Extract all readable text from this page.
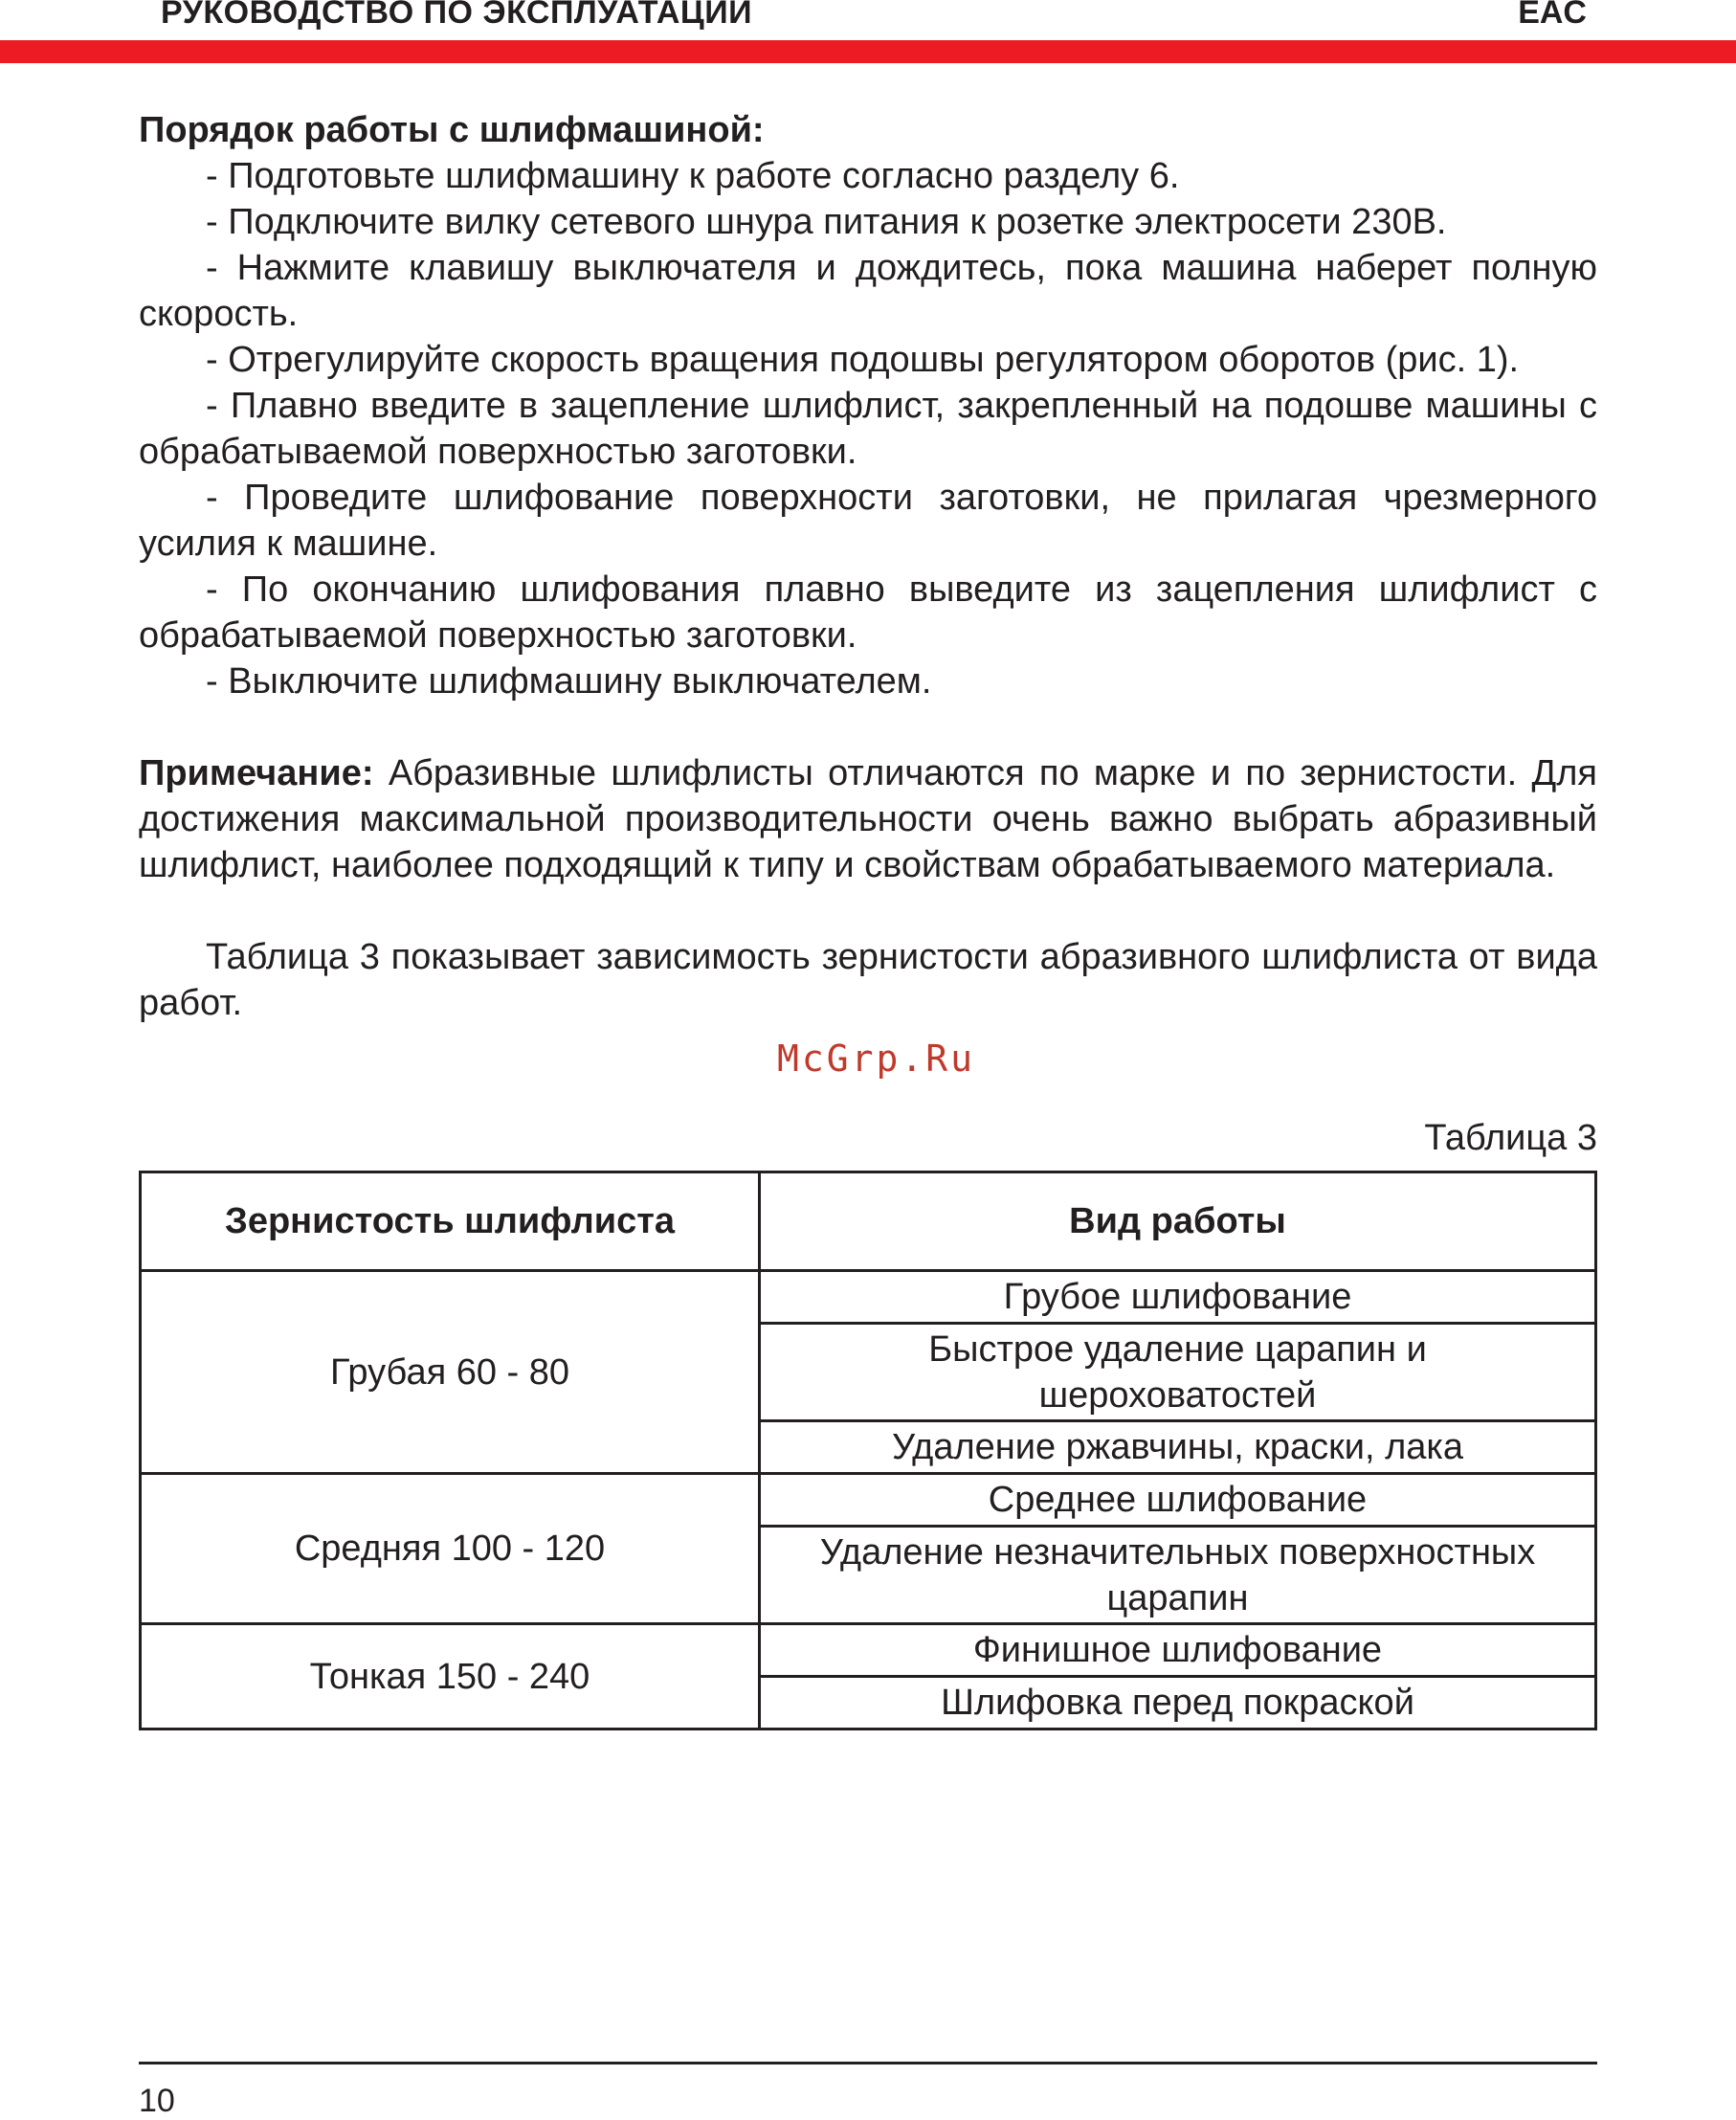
РУКОВОДСТВО ПО ЭКСПЛУАТАЦИИ	EAC

Порядок работы с шлифмашиной:

- Подготовьте шлифмашину к работе согласно разделу 6.

- Подключите вилку сетевого шнура питания к розетке электросети 230В.

- Нажмите клавишу выключателя и дождитесь, пока машина наберет полную скорость.

- Отрегулируйте скорость вращения подошвы регулятором оборотов (рис. 1).

- Плавно введите в зацепление шлифлист, закрепленный на подошве машины с обрабатываемой поверхностью заготовки.

- Проведите шлифование поверхности заготовки, не прилагая чрезмерного усилия к машине.

- По окончанию шлифования плавно выведите из зацепления шлифлист с обрабатываемой поверхностью заготовки.

- Выключите шлифмашину выключателем.

Примечание: Абразивные шлифлисты отличаются по марке и по зернистости. Для достижения максимальной производительности очень важно выбрать абразивный шлифлист, наиболее подходящий к типу и свойствам обрабатываемого материала.

Таблица 3 показывает зависимость зернистости абразивного шлифлиста от вида работ.

McGrp.Ru
Таблица 3
Зернистость шлифлиста	Вид работы
Грубая 60 - 80	Грубое шлифование
	Быстрое удаление царапин и шероховатостей
	Удаление ржавчины, краски, лака
Средняя 100 - 120	Среднее шлифование
	Удаление незначительных поверхностных царапин
Тонкая 150 - 240	Финишное шлифование
	Шлифовка перед покраской
10
